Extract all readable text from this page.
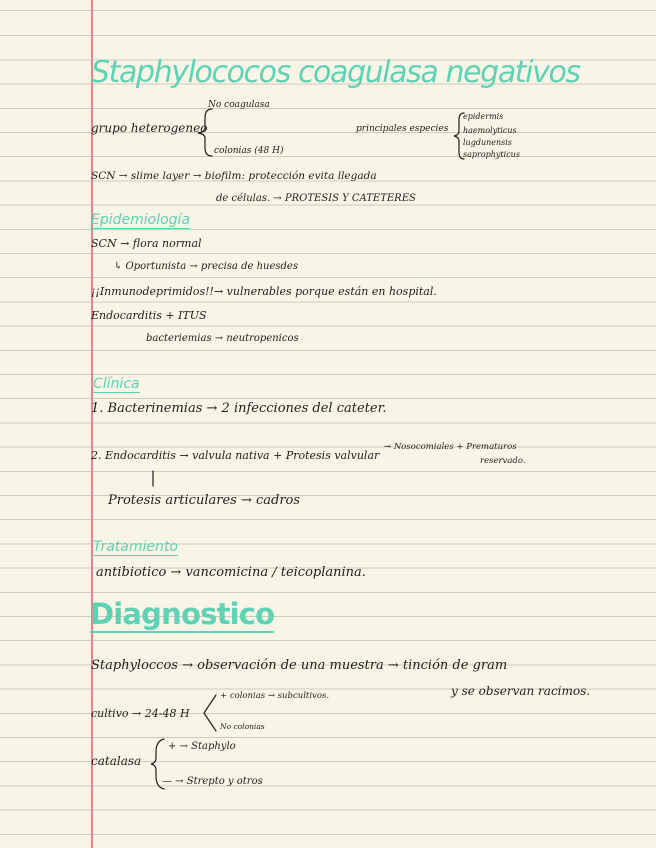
Staphylococos coagulasa negativos
grupo heterogeneo
No coagulasa
colonias (48 H)
principales especies
epidermis
haemolyticus
lugdunensis
saprophyticus
SCN → slime layer → biofilm: protección evita llegada
de células. → PROTESIS Y CATETERES
Epidemiología
SCN → flora normal
↳ Oportunista → precisa de huesdes
¡¡Inmunodeprimidos!!→ vulnerables porque están en hospital.
Endocarditis + ITUS
bacteriemias → neutropenicos
Clínica
1. Bacterinemias → 2 infecciones del cateter.
2. Endocarditis → valvula nativa + Protesis valvular
→ Nosocomiales + Prematuros
reservado.
Protesis articulares → cadros
Tratamiento
antibiotico → vancomicina / teicoplanina.
Diagnostico
Staphyloccos → observación de una muestra → tinción de gram
y se observan racimos.
cultivo → 24-48 H
+ colonias → subcultivos.
No colonias
catalasa
+ → Staphylo
— → Strepto y otros
